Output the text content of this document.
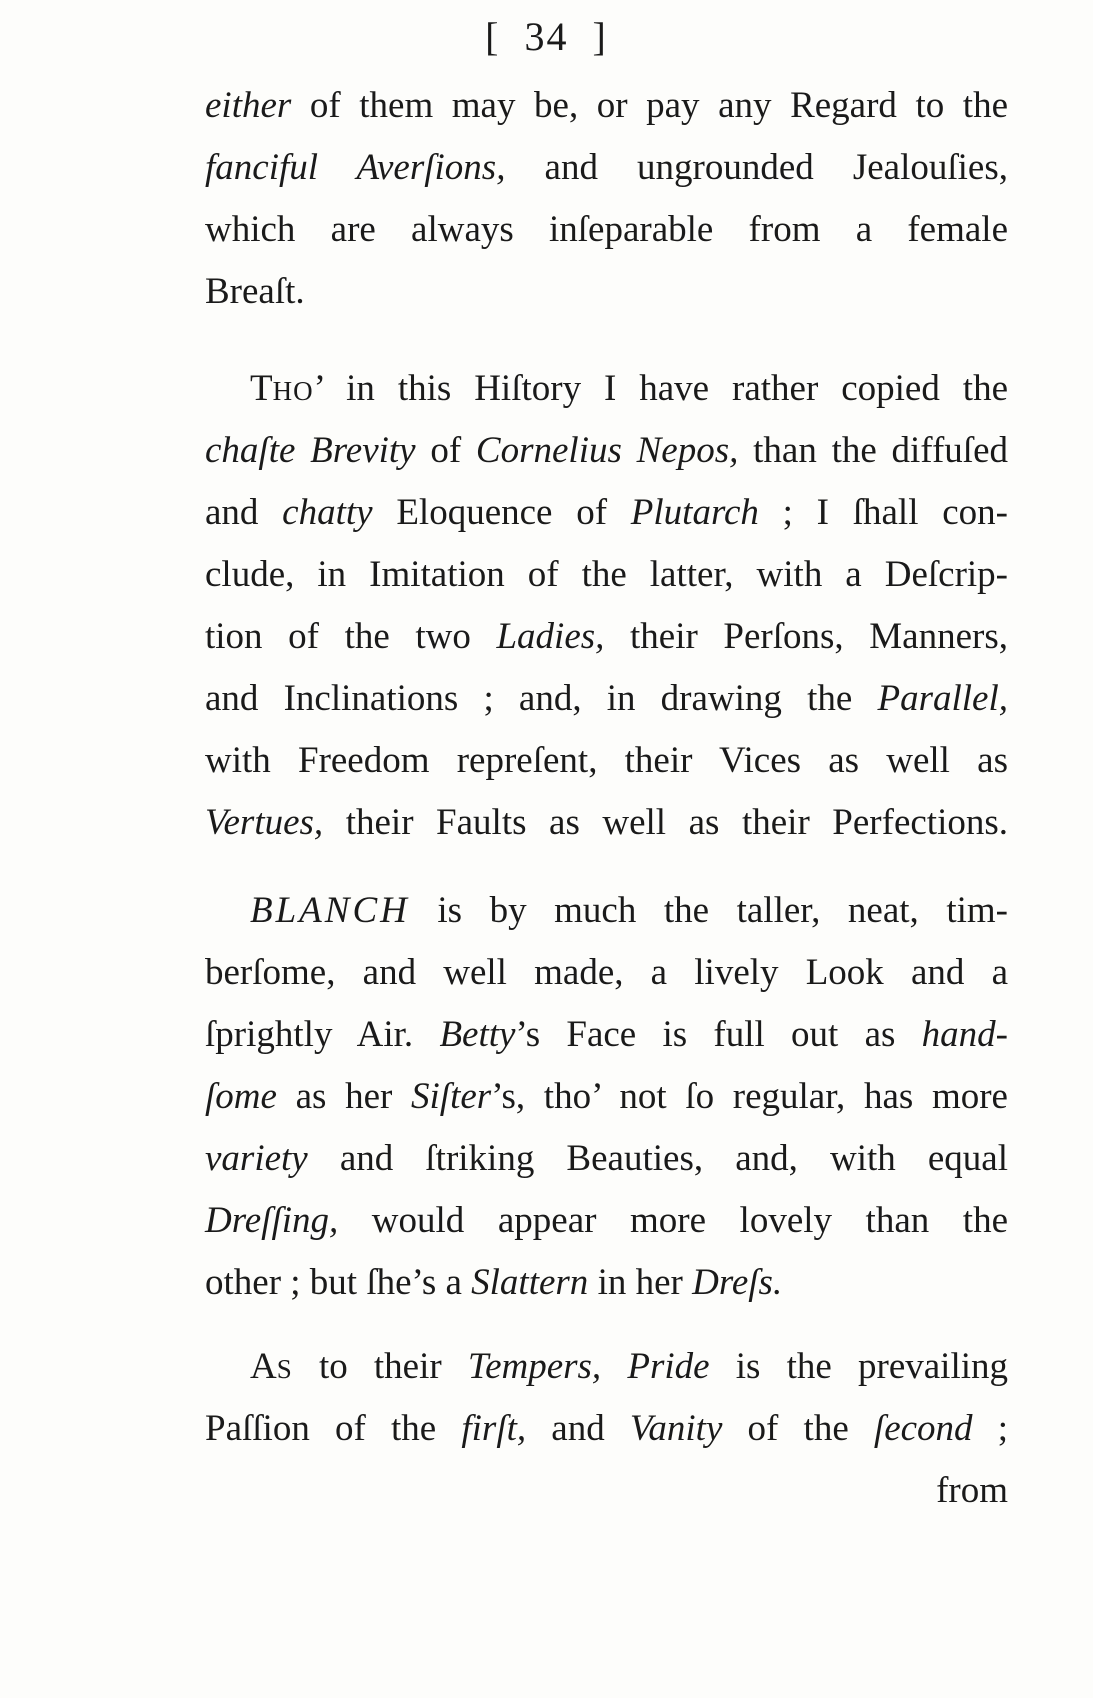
[ 34 ]
either of them may be, or pay any Regard to the
fanciful Averſions, and ungrounded Jealouſies,
which are always inſeparable from a female
Breaſt.
THO’ in this Hiſtory I have rather copied the
chaſte Brevity of Cornelius Nepos, than the diffuſed
and chatty Eloquence of Plutarch ; I ſhall con-
clude, in Imitation of the latter, with a Deſcrip-
tion of the two Ladies, their Perſons, Manners,
and Inclinations ; and, in drawing the Parallel,
with Freedom repreſent, their Vices as well as
Vertues, their Faults as well as their Perfections.
BLANCH is by much the taller, neat, tim-
berſome, and well made, a lively Look and a
ſprightly Air. Betty’s Face is full out as hand-
ſome as her Siſter’s, tho’ not ſo regular, has more
variety and ſtriking Beauties, and, with equal
Dreſſing, would appear more lovely than the
other ; but ſhe’s a Slattern in her Dreſs.
AS to their Tempers, Pride is the prevailing
Paſſion of the firſt, and Vanity of the ſecond ;
from
